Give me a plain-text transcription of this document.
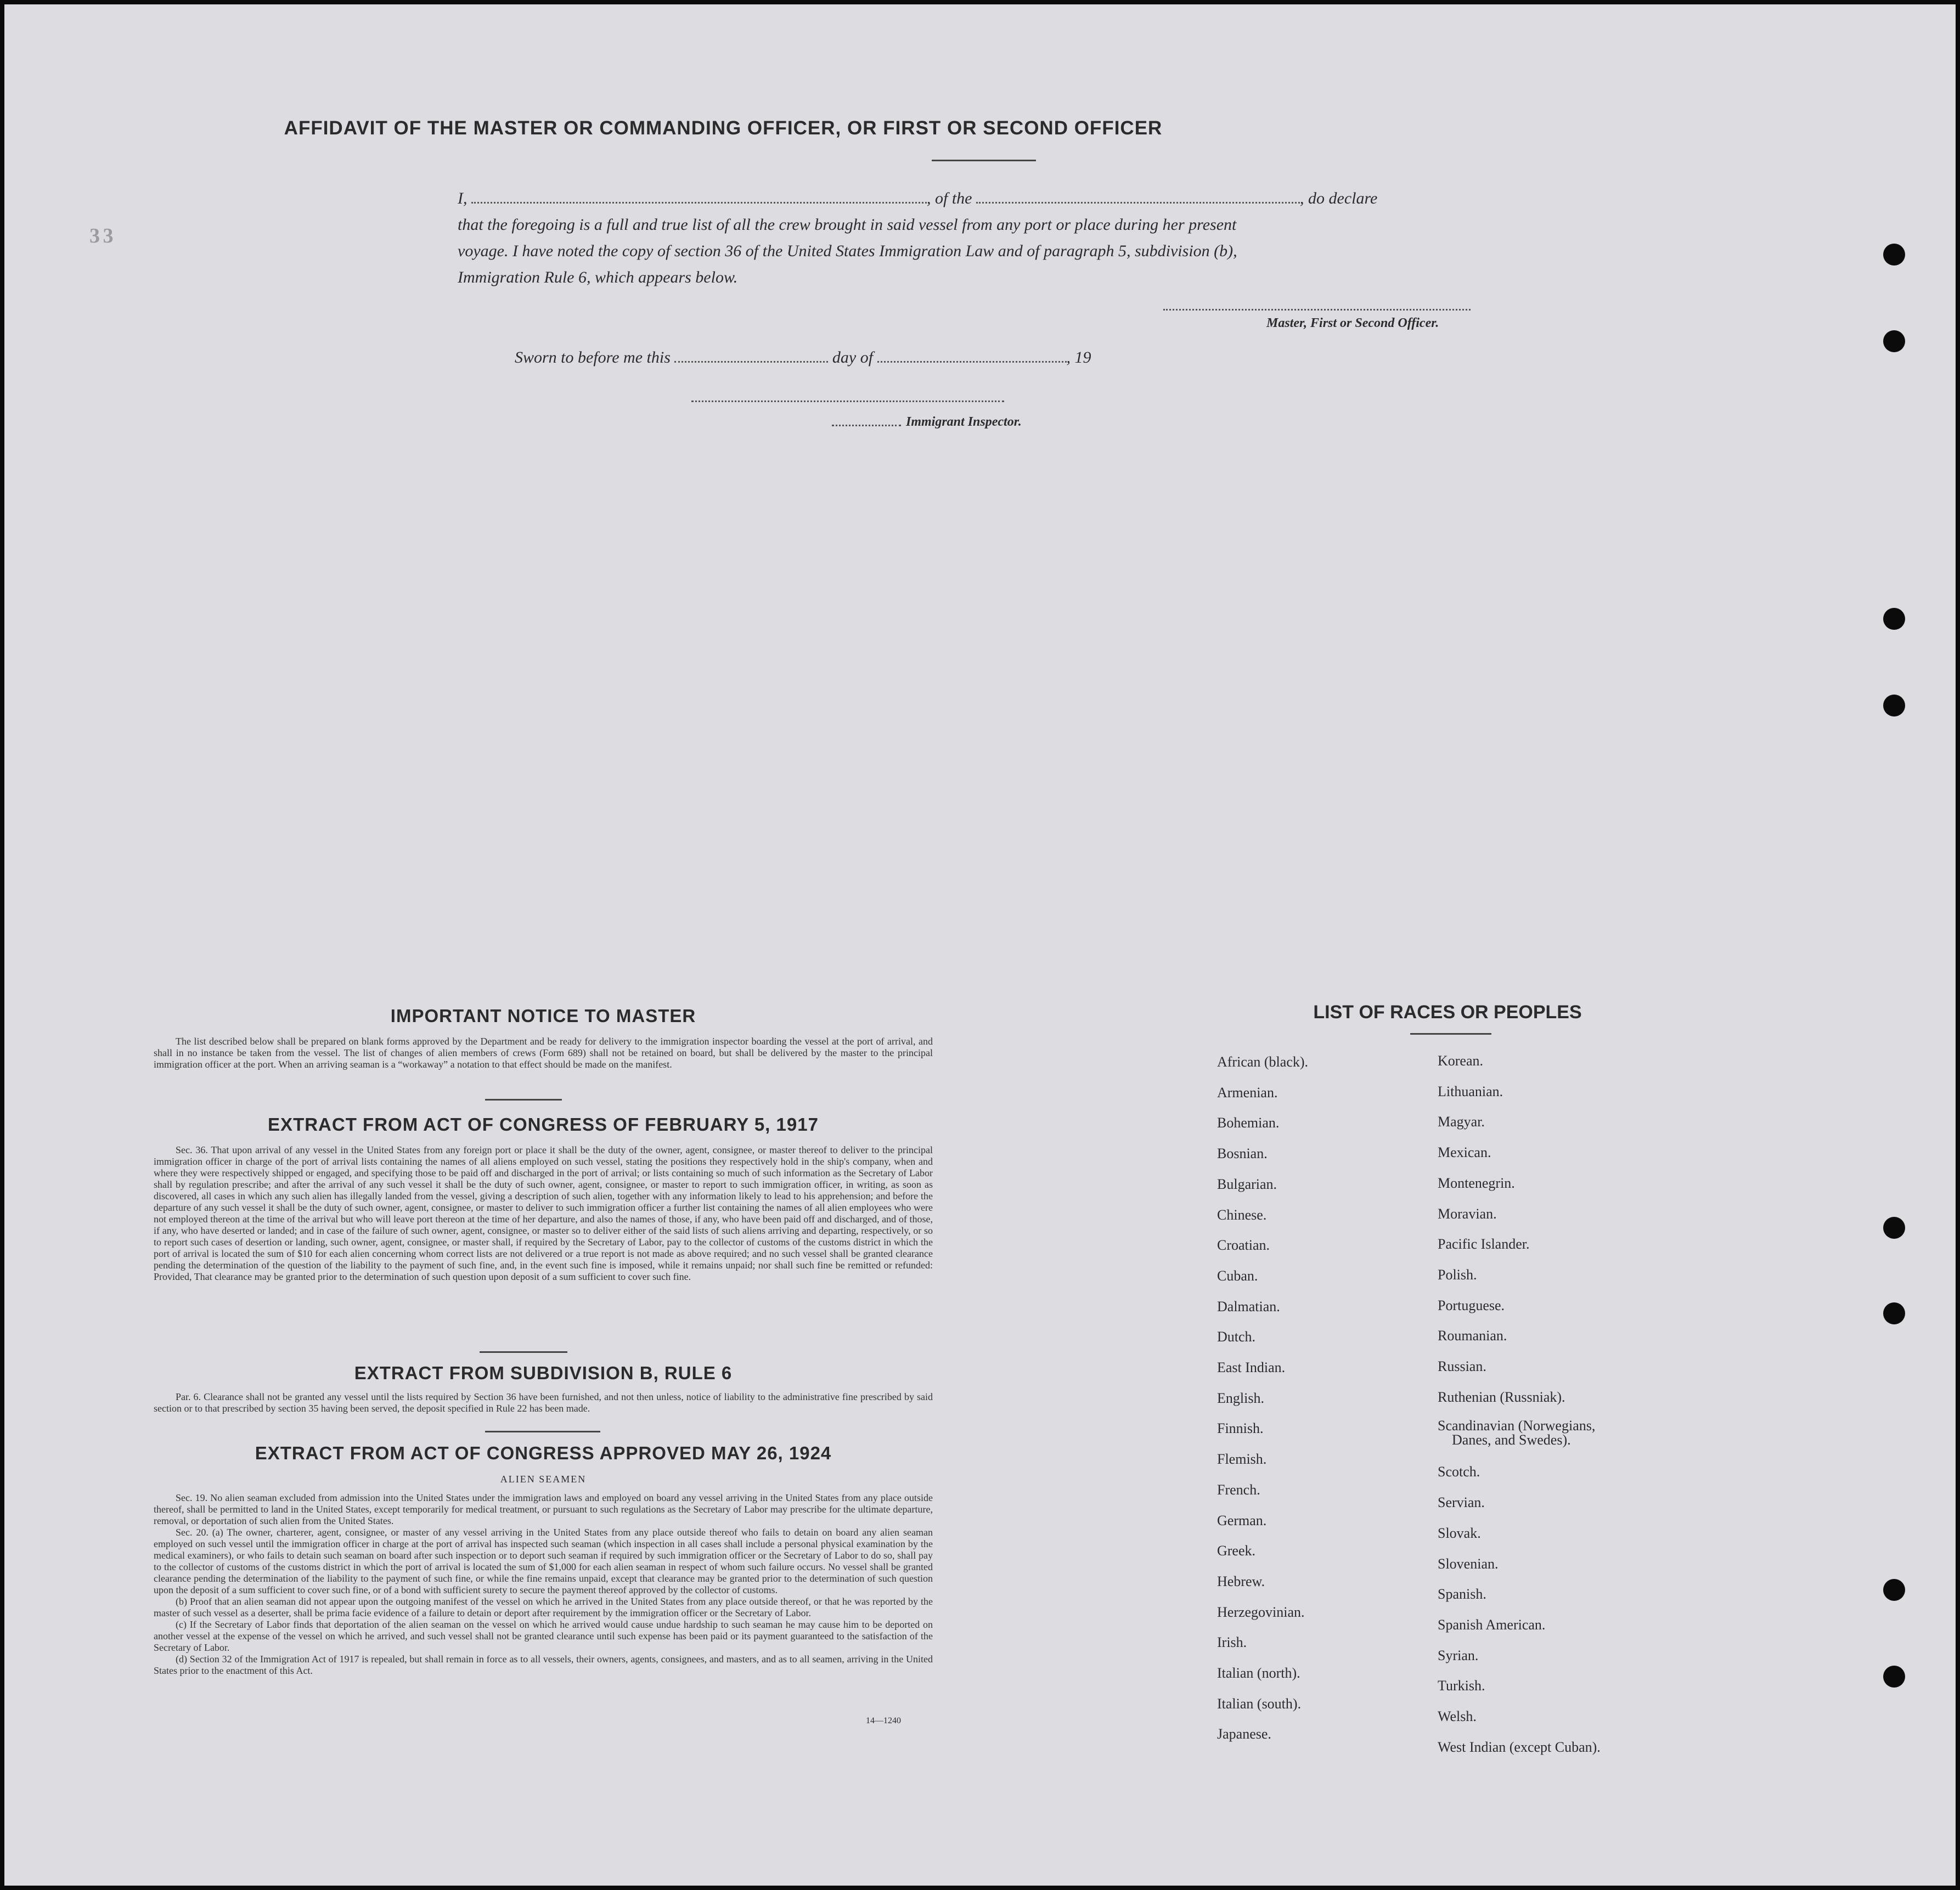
3 3
AFFIDAVIT OF THE MASTER OR COMMANDING OFFICER, OR FIRST OR SECOND OFFICER
I,	, of the	, do declare
that the foregoing is a full and true list of all the crew brought in said vessel from any port or place during her present
voyage. I have noted the copy of section 36 of the United States Immigration Law and of paragraph 5, subdivision (b),
Immigration Rule 6, which appears below.
Master, First or Second Officer.
Sworn to before me this	day of	, 19
Immigrant Inspector.
IMPORTANT NOTICE TO MASTER

The list described below shall be prepared on blank forms approved by the Department and be ready for delivery to the immigration inspector boarding the vessel at the port of arrival, and shall in no instance be taken from the vessel. The list of changes of alien members of crews (Form 689) shall not be retained on board, but shall be delivered by the master to the principal immigration officer at the port. When an arriving seaman is a “workaway” a notation to that effect should be made on the manifest.

EXTRACT FROM ACT OF CONGRESS OF FEBRUARY 5, 1917

Sec. 36. That upon arrival of any vessel in the United States from any foreign port or place it shall be the duty of the owner, agent, consignee, or master thereof to deliver to the principal immigration officer in charge of the port of arrival lists containing the names of all aliens employed on such vessel, stating the positions they respectively hold in the ship's company, when and where they were respectively shipped or engaged, and specifying those to be paid off and discharged in the port of arrival; or lists containing so much of such information as the Secretary of Labor shall by regulation prescribe; and after the arrival of any such vessel it shall be the duty of such owner, agent, consignee, or master to report to such immigration officer, in writing, as soon as discovered, all cases in which any such alien has illegally landed from the vessel, giving a description of such alien, together with any information likely to lead to his apprehension; and before the departure of any such vessel it shall be the duty of such owner, agent, consignee, or master to deliver to such immigration officer a further list containing the names of all alien employees who were not employed thereon at the time of the arrival but who will leave port thereon at the time of her departure, and also the names of those, if any, who have been paid off and discharged, and of those, if any, who have deserted or landed; and in case of the failure of such owner, agent, consignee, or master so to deliver either of the said lists of such aliens arriving and departing, respectively, or so to report such cases of desertion or landing, such owner, agent, consignee, or master shall, if required by the Secretary of Labor, pay to the collector of customs of the customs district in which the port of arrival is located the sum of $10 for each alien concerning whom correct lists are not delivered or a true report is not made as above required; and no such vessel shall be granted clearance pending the determination of the question of the liability to the payment of such fine, and, in the event such fine is imposed, while it remains unpaid; nor shall such fine be remitted or refunded: Provided, That clearance may be granted prior to the determination of such question upon deposit of a sum sufficient to cover such fine.

EXTRACT FROM SUBDIVISION B, RULE 6

Par. 6. Clearance shall not be granted any vessel until the lists required by Section 36 have been furnished, and not then unless, notice of liability to the administrative fine prescribed by said section or to that prescribed by section 35 having been served, the deposit specified in Rule 22 has been made.

EXTRACT FROM ACT OF CONGRESS APPROVED MAY 26, 1924
ALIEN SEAMEN

Sec. 19. No alien seaman excluded from admission into the United States under the immigration laws and employed on board any vessel arriving in the United States from any place outside thereof, shall be permitted to land in the United States, except temporarily for medical treatment, or pursuant to such regulations as the Secretary of Labor may prescribe for the ultimate departure, removal, or deportation of such alien from the United States.

Sec. 20. (a) The owner, charterer, agent, consignee, or master of any vessel arriving in the United States from any place outside thereof who fails to detain on board any alien seaman employed on such vessel until the immigration officer in charge at the port of arrival has inspected such seaman (which inspection in all cases shall include a personal physical examination by the medical examiners), or who fails to detain such seaman on board after such inspection or to deport such seaman if required by such immigration officer or the Secretary of Labor to do so, shall pay to the collector of customs of the customs district in which the port of arrival is located the sum of $1,000 for each alien seaman in respect of whom such failure occurs. No vessel shall be granted clearance pending the determination of the liability to the payment of such fine, or while the fine remains unpaid, except that clearance may be granted prior to the determination of such question upon the deposit of a sum sufficient to cover such fine, or of a bond with sufficient surety to secure the payment thereof approved by the collector of customs.

(b) Proof that an alien seaman did not appear upon the outgoing manifest of the vessel on which he arrived in the United States from any place outside thereof, or that he was reported by the master of such vessel as a deserter, shall be prima facie evidence of a failure to detain or deport after requirement by the immigration officer or the Secretary of Labor.

(c) If the Secretary of Labor finds that deportation of the alien seaman on the vessel on which he arrived would cause undue hardship to such seaman he may cause him to be deported on another vessel at the expense of the vessel on which he arrived, and such vessel shall not be granted clearance until such expense has been paid or its payment guaranteed to the satisfaction of the Secretary of Labor.

(d) Section 32 of the Immigration Act of 1917 is repealed, but shall remain in force as to all vessels, their owners, agents, consignees, and masters, and as to all seamen, arriving in the United States prior to the enactment of this Act.

14—1240
LIST OF RACES OR PEOPLES
African (black).
Armenian.
Bohemian.
Bosnian.
Bulgarian.
Chinese.
Croatian.
Cuban.
Dalmatian.
Dutch.
East Indian.
English.
Finnish.
Flemish.
French.
German.
Greek.
Hebrew.
Herzegovinian.
Irish.
Italian (north).
Italian (south).
Japanese.
Korean.
Lithuanian.
Magyar.
Mexican.
Montenegrin.
Moravian.
Pacific Islander.
Polish.
Portuguese.
Roumanian.
Russian.
Ruthenian (Russniak).
Scandinavian (Norwegians,
Danes, and Swedes).
Scotch.
Servian.
Slovak.
Slovenian.
Spanish.
Spanish American.
Syrian.
Turkish.
Welsh.
West Indian (except Cuban).
